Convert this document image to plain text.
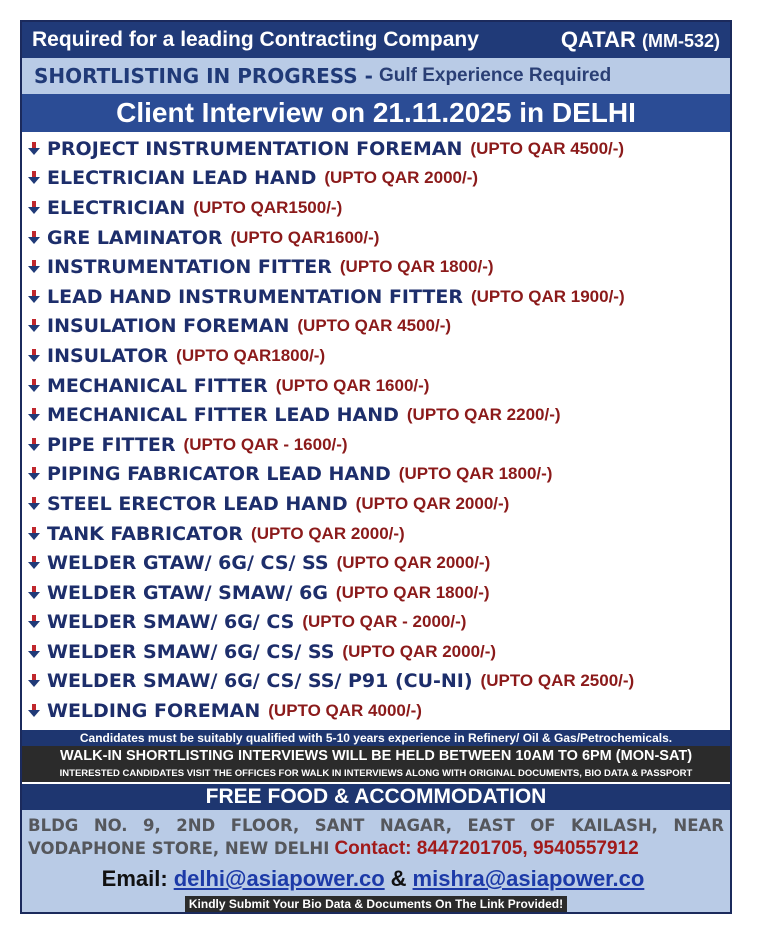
Required for a leading Contracting Company	QATAR (MM-532)
SHORTLISTING IN PROGRESS - Gulf Experience Required
Client Interview on 21.11.2025 in DELHI
PROJECT INSTRUMENTATION FOREMAN (UPTO QAR 4500/-)
ELECTRICIAN LEAD HAND (UPTO QAR 2000/-)
ELECTRICIAN (UPTO QAR1500/-)
GRE LAMINATOR (UPTO QAR1600/-)
INSTRUMENTATION FITTER (UPTO QAR 1800/-)
LEAD HAND INSTRUMENTATION FITTER (UPTO QAR 1900/-)
INSULATION FOREMAN (UPTO QAR 4500/-)
INSULATOR (UPTO QAR1800/-)
MECHANICAL FITTER (UPTO QAR 1600/-)
MECHANICAL FITTER LEAD HAND (UPTO QAR 2200/-)
PIPE FITTER (UPTO QAR - 1600/-)
PIPING FABRICATOR LEAD HAND (UPTO QAR 1800/-)
STEEL ERECTOR LEAD HAND (UPTO QAR 2000/-)
TANK FABRICATOR (UPTO QAR 2000/-)
WELDER GTAW/ 6G/ CS/ SS (UPTO QAR 2000/-)
WELDER GTAW/ SMAW/ 6G (UPTO QAR 1800/-)
WELDER SMAW/ 6G/ CS (UPTO QAR - 2000/-)
WELDER SMAW/ 6G/ CS/ SS (UPTO QAR 2000/-)
WELDER SMAW/ 6G/ CS/ SS/ P91 (CU-NI) (UPTO QAR 2500/-)
WELDING FOREMAN (UPTO QAR 4000/-)
Candidates must be suitably qualified with 5-10 years experience in Refinery/ Oil & Gas/Petrochemicals.
WALK-IN SHORTLISTING INTERVIEWS WILL BE HELD BETWEEN 10AM TO 6PM (MON-SAT)
INTERESTED CANDIDATES VISIT THE OFFICES FOR WALK IN INTERVIEWS ALONG WITH ORIGINAL DOCUMENTS, BIO DATA & PASSPORT
FREE FOOD & ACCOMMODATION
BLDG NO. 9, 2ND FLOOR, SANT NAGAR, EAST OF KAILASH, NEAR
VODAPHONE STORE, NEW DELHI Contact: 8447201705, 9540557912
Email: delhi@asiapower.co & mishra@asiapower.co
Kindly Submit Your Bio Data & Documents On The Link Provided!
